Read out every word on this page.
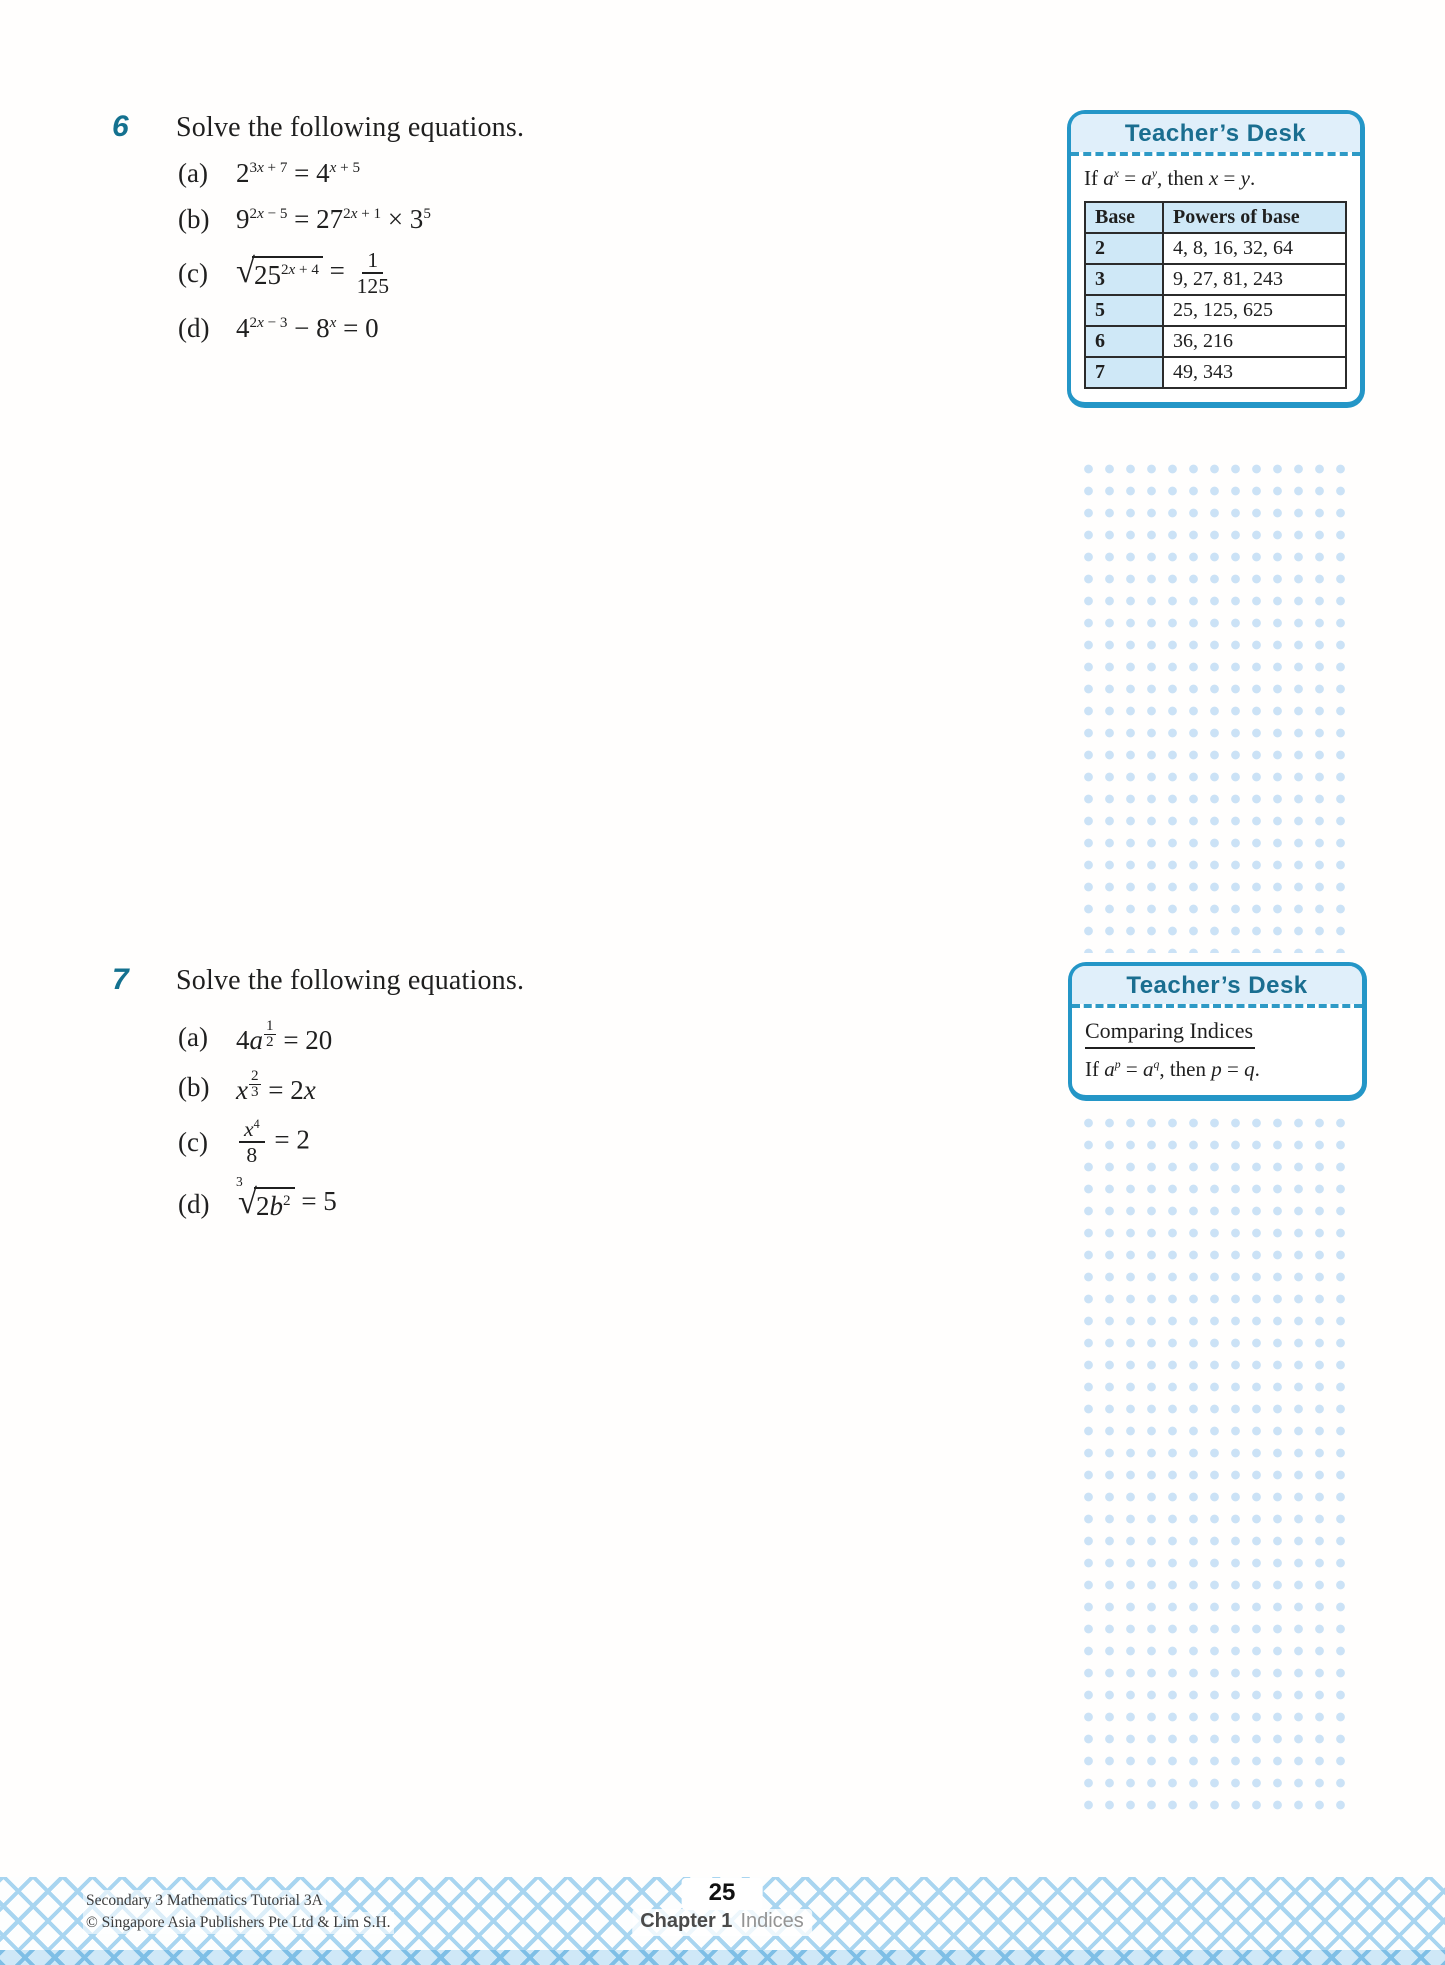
6	Solve the following equations.
(a)	$2^{3x + 7} = 4^{x + 5}$
(b) $9^{2x - 5} = 27^{2x + 1} \times 3^5$
(c) √ $25^{2x + 4} = \frac{1}{125}$
(d) $4^{2x - 3} - 8^x = 0$
Teacher’s Desk
If $a^x = a^y$, then x = y.
Base	Powers of base
2	4, 8, 16, 32, 64
3	9, 27, 81, 243
5	25, 125, 625
6	36, 216
7	49, 343
7	Solve the following equations.
(a)	4a $^{\frac{1}{2}}$ = 20
(b) x $^{\frac{2}{3}}$ = 2x
(c)	$\frac{x^4}{8} = 2$
(d)
3
√ $2b^2 = 5$
Teacher’s Desk
Comparing Indices
If $a^p = a^q$, then p = q.
Secondary 3 Mathematics Tutorial 3A
© Singapore Asia Publishers Pte Ltd & Lim S.H.
25
Chapter 1 Indices
